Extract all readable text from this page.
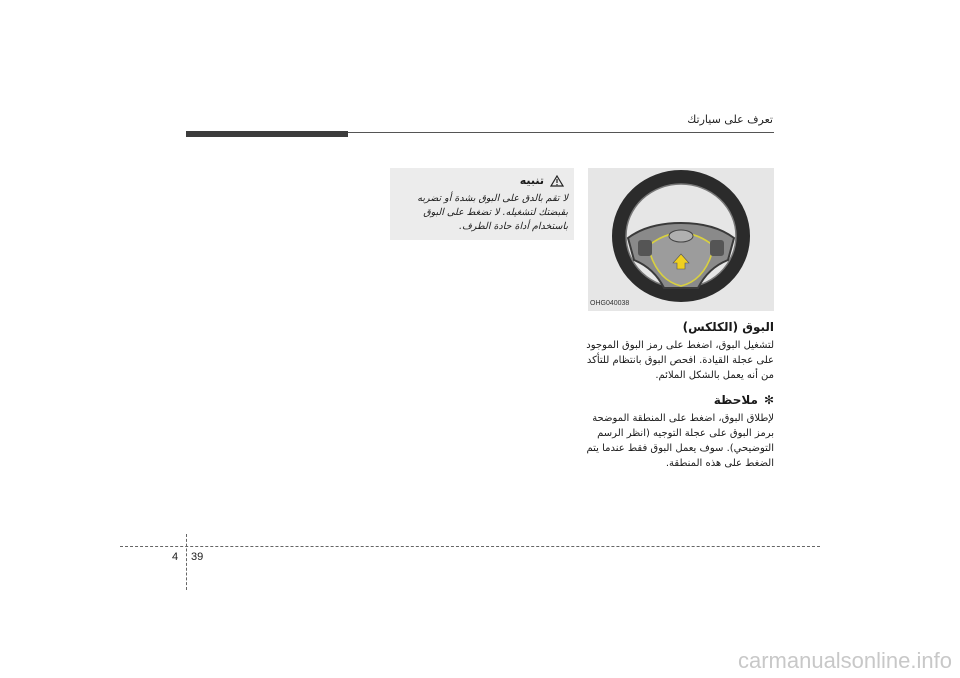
تعرف على سيارتك
OHG040038
تنبيه
لا تقم بالدق على البوق بشدة أو تضربه بقبضتك لتشغيله. لا تضغط على البوق باستخدام أداة حادة الطرف.
البوق (الكلكس)

لتشغيل البوق، اضغط على رمز البوق الموجود على عجلة القيادة. افحص البوق بانتظام للتأكد من أنه يعمل بالشكل الملائم.

✻
ملاحظة

لإطلاق البوق، اضغط على المنطقة الموضحة برمز البوق على عجلة التوجيه (انظر الرسم التوضيحي). سوف يعمل البوق فقط عندما يتم الضغط على هذه المنطقة.

4 39
carmanualsonline.info
